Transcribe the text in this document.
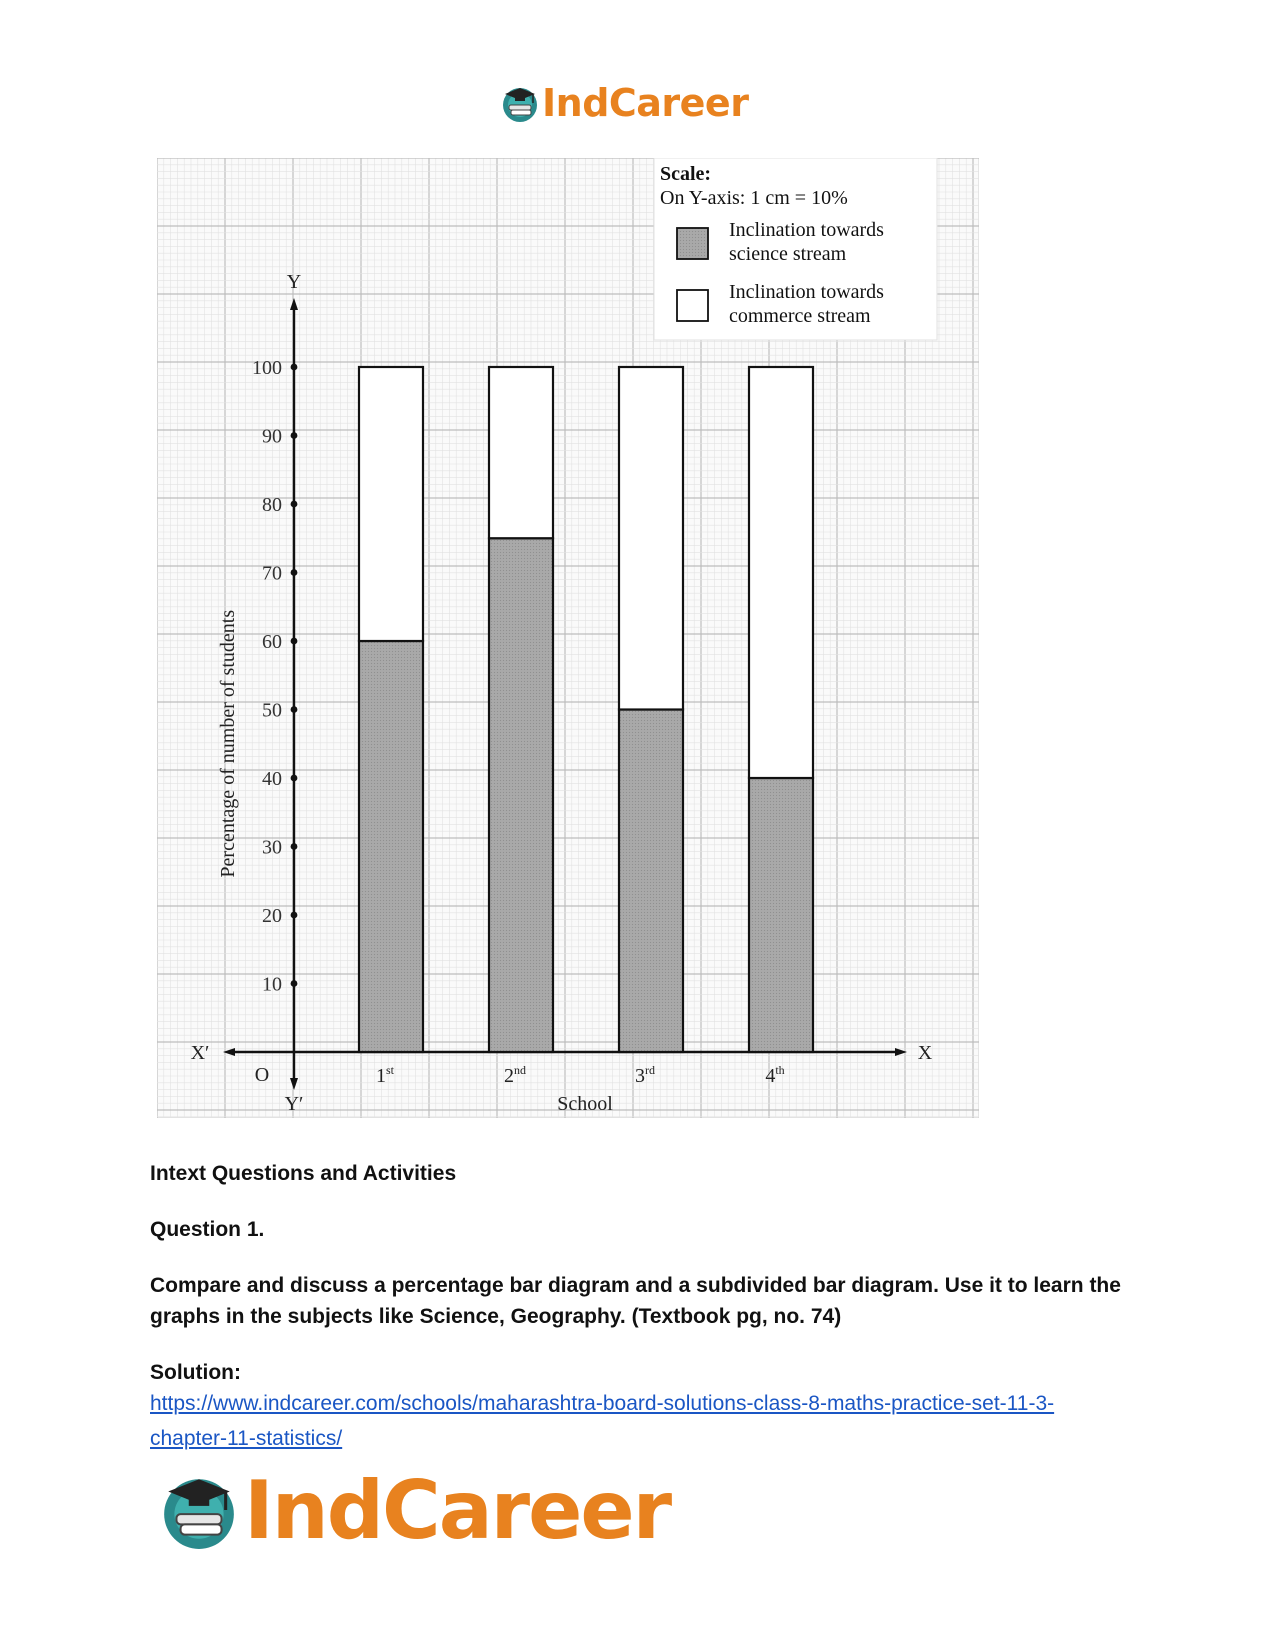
IndCareer
Y
Y′
X
X′
O
10
20
30
40
50
60
70
80
90
100
Percentage of number of students
School
1st	2nd	3rd	4th
Scale:
On Y-axis: 1 cm = 10%
Inclination towards
science stream
Inclination towards
commerce stream
Intext Questions and Activities
Question 1.
Compare and discuss a percentage bar diagram and a subdivided bar diagram. Use it to learn the graphs in the subjects like Science, Geography. (Textbook pg, no. 74)
Solution:
https://www.indcareer.com/schools/maharashtra-board-solutions-class-8-maths-practice-set-11-3-chapter-11-statistics/
IndCareer
